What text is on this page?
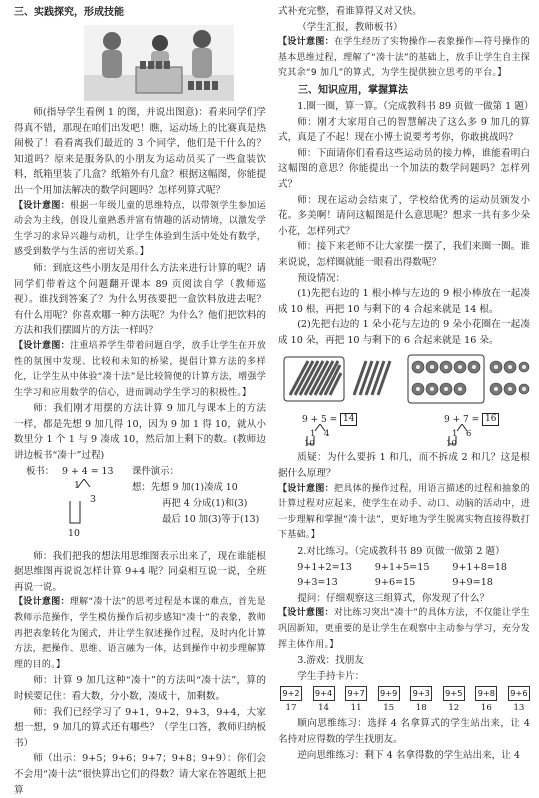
三、实践探究，形成技能

师(指导学生看例 1 的图，并说出图意)：看来同学们学得真不错，那现在咱们出发吧！瞧，运动场上的比赛真是热闹极了！看看离我们最近的 3 个同学，他们是干什么的？知道吗？原来是服务队的小朋友为运动员买了一些盒装饮料，纸箱里装了几盒？纸箱外有几盒？根据这幅图，你能提出一个用加法解决的数学问题吗？怎样列算式呢？

【设计意图：根据一年级儿童的思维特点，以带领学生参加运动会为主线，创设儿童熟悉并富有情趣的活动情境，以激发学生学习的求异兴趣与动机，让学生体验到生活中处处有数学，感受到数学与生活的密切关系。】

师：到底这些小朋友是用什么方法来进行计算的呢？请同学们带着这个问题翻开课本 89 页阅读自学（教师巡视）。谁找到答案了？为什么男孩要把一盒饮料放进去呢？有什么用呢？你喜欢哪一种方法呢？为什么？他们把饮料的方法和我们摆圆片的方法一样吗？

【设计意图：注重培养学生带着问题自学，放手让学生在开放性的氛围中发现、比较和未知的桥梁，提倡计算方法的多样化，让学生从中体验“凑十法”是比较简便的计算方法，增强学生学习和应用数学的信心，进而调动学生学习的积极性。】

师：我们刚才用摆的方法计算 9 加几与课本上的方法一样，都是先想 9 加几得 10，因为 9 加 1 得 10，就从小数里分 1 个 1 与 9 凑成 10，然后加上剩下的数。(教师边讲边板书“凑十”过程)

板书： 9 + 4 = 13
1
3
10
课件演示：
想：先想 9 加(1)凑成 10
再把 4 分成(1)和(3)
最后 10 加(3)等于(13)

师：我们把我的想法用思维图表示出来了，现在谁能根据思维图再说说怎样计算 9+4 呢？同桌相互说一说，全班再说一说。

【设计意图：理解“凑十法”的思考过程是本课的难点，首先是教师示范操作，学生模仿操作后初步感知“凑十”的表象，教师再把表象转化为图式，并让学生叙述操作过程，及时内化计算方法，把操作、思维、语言融为一体，达到操作中初步理解算理的目的。】

师：计算 9 加几这种“凑十”的方法叫“凑十法”，算的时候要记住：看大数，分小数，凑成十，加剩数。

师：我们已经学习了 9+1，9+2，9+3，9+4，大家想一想，9 加几的算式还有哪些？（学生口答，教师归纳板书）

师（出示：9+5；9+6；9+7；9+8；9+9）：你们会不会用“凑十法”很快算出它们的得数？请大家在答题纸上把算

式补充完整，看谁算得又对又快。

（学生汇报，教师板书）

【设计意图：在学生经历了实物操作—表象操作—符号操作的基本思维过程，理解了“凑十法”的基础上，放手让学生自主探究其余“9 加几”的算式，为学生提供独立思考的平台。】

三、知识应用，掌握算法

1.圈一圈，算一算。（完成教科书 89 页做一做第 1 题）

师：刚才大家用自己的智慧解决了这么多 9 加几的算式，真是了不起！现在小博士说要考考你，你敢挑战吗？

师：下面请你们看看这些运动员的接力棒，谁能看明白这幅图的意思？你能提出一个加法的数学问题吗？怎样列式？

师：现在运动会结束了，学校给优秀的运动员颁发小花。多美啊！请问这幅图是什么意思呢？想求一共有多少朵小花，怎样列式？

师：接下来老师不让大家摆一摆了，我们来圈一圈。谁来说说，怎样圈就能一眼看出得数呢？

预设情况：

(1)先把右边的 1 根小棒与左边的 9 根小棒放在一起凑成 10 根，再把 10 与剩下的 4 合起来就是 14 根。

(2)先把右边的 1 朵小花与左边的 9 朵小花圈在一起凑成 10 朵，再把 10 与剩下的 6 合起来就是 16 朵。

9 + 5 = 14
1 4
10
9 + 7 = 16
1 6
10

质疑：为什么要拆 1 和几，而不拆成 2 和几？这是根据什么原理？

【设计意图：把具体的操作过程，用语言描述的过程和抽象的计算过程对应起来，使学生在动手、动口、动脑的活动中，进一步理解和掌握“凑十法”，更好地为学生脱离实物直接得数打下基础。】

2.对比练习。（完成教科书 89 页做一做第 2 题）

9+1+2=13	9+1+5=15	9+1+8=18
9+3=13	9+6=15	9+9=18

提问：仔细观察这三组算式，你发现了什么？

【设计意图：对比练习突出“凑十”的具体方法，不仅能让学生巩固新知，更重要的是让学生在观察中主动参与学习，充分发挥主体作用。】

3.游戏：找朋友

学生手持卡片：

9+2 9+4 9+7 9+9 9+3 9+5 9+8 9+6
17	14	11	15	18	12	16	13

顺向思维练习：选择 4 名拿算式的学生站出来，让 4 名持对应得数的学生找朋友。

逆向思维练习：剩下 4 名拿得数的学生站出来，让 4
